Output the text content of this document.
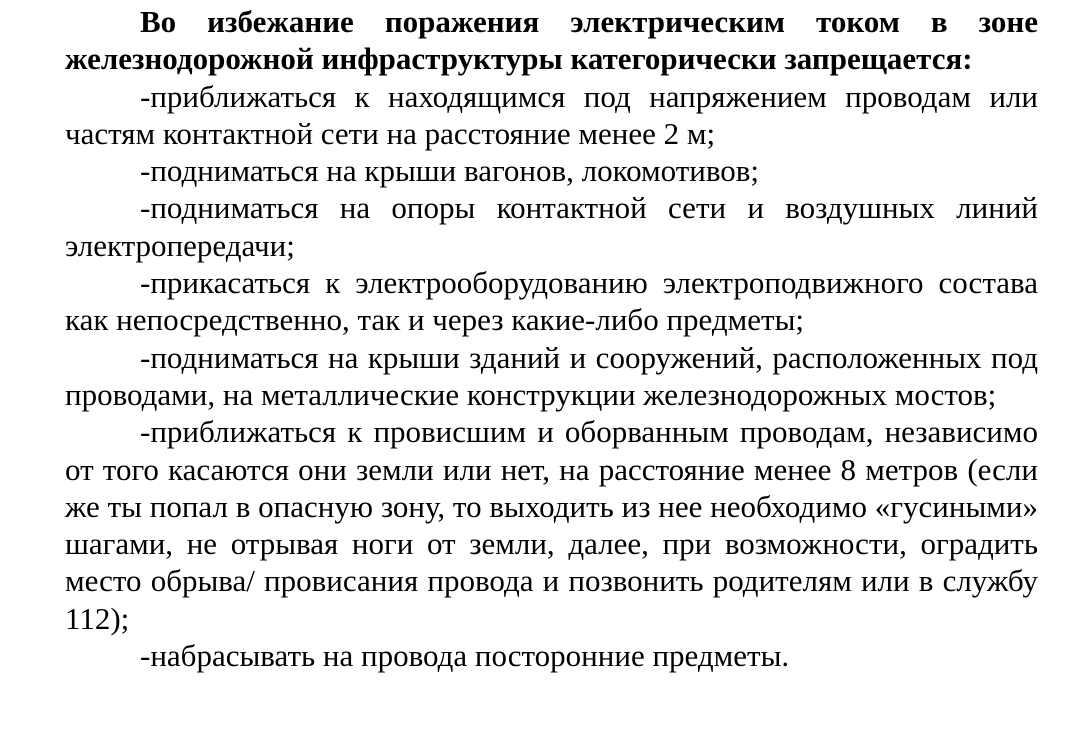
Во избежание поражения электрическим током в зоне железнодорожной инфраструктуры категорически запрещается:

-приближаться к находящимся под напряжением проводам или частям контактной сети на расстояние менее 2 м;

-подниматься на крыши вагонов, локомотивов;

-подниматься на опоры контактной сети и воздушных линий электропередачи;

-прикасаться к электрооборудованию электроподвижного состава как непосредственно, так и через какие-либо предметы;

-подниматься на крыши зданий и сооружений, расположенных под проводами, на металлические конструкции железнодорожных мостов;

-приближаться к провисшим и оборванным проводам, независимо от того касаются они земли или нет, на расстояние менее 8 метров (если же ты попал в опасную зону, то выходить из нее необходимо «гусиными» шагами, не отрывая ноги от земли, далее, при возможности, оградить место обрыва/ провисания провода и позвонить родителям или в службу 112);

-набрасывать на провода посторонние предметы.
